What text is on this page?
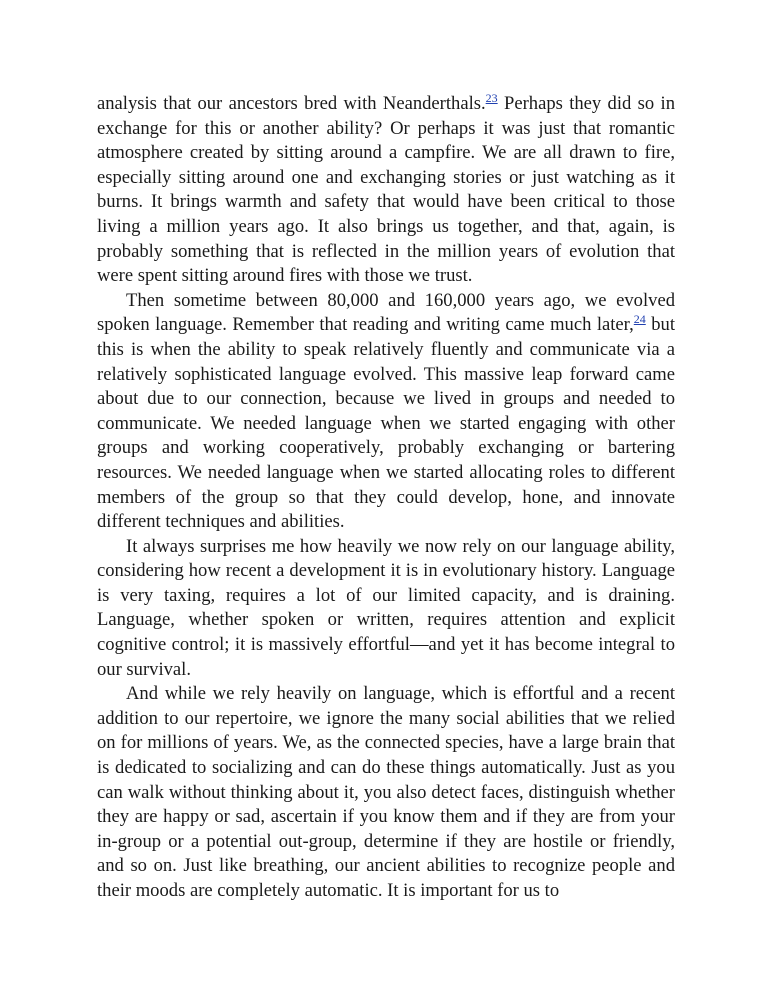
analysis that our ancestors bred with Neanderthals.$^{23}$ Perhaps they did so in exchange for this or another ability? Or perhaps it was just that romantic atmosphere created by sitting around a campfire. We are all drawn to fire, especially sitting around one and exchanging stories or just watching as it burns. It brings warmth and safety that would have been critical to those living a million years ago. It also brings us together, and that, again, is probably something that is reflected in the million years of evolution that were spent sitting around fires with those we trust.

Then sometime between 80,000 and 160,000 years ago, we evolved spoken language. Remember that reading and writing came much later,$^{24}$ but this is when the ability to speak relatively fluently and communicate via a relatively sophisticated language evolved. This massive leap forward came about due to our connection, because we lived in groups and needed to communicate. We needed language when we started engaging with other groups and working cooperatively, probably exchanging or bartering resources. We needed language when we started allocating roles to different members of the group so that they could develop, hone, and innovate different techniques and abilities.

It always surprises me how heavily we now rely on our language ability, considering how recent a development it is in evolutionary history. Language is very taxing, requires a lot of our limited capacity, and is draining. Language, whether spoken or written, requires attention and explicit cognitive control; it is massively effortful—and yet it has become integral to our survival.

And while we rely heavily on language, which is effortful and a recent addition to our repertoire, we ignore the many social abilities that we relied on for millions of years. We, as the connected species, have a large brain that is dedicated to socializing and can do these things automatically. Just as you can walk without thinking about it, you also detect faces, distinguish whether they are happy or sad, ascertain if you know them and if they are from your in-group or a potential out-group, determine if they are hostile or friendly, and so on. Just like breathing, our ancient abilities to recognize people and their moods are completely automatic. It is important for us to
